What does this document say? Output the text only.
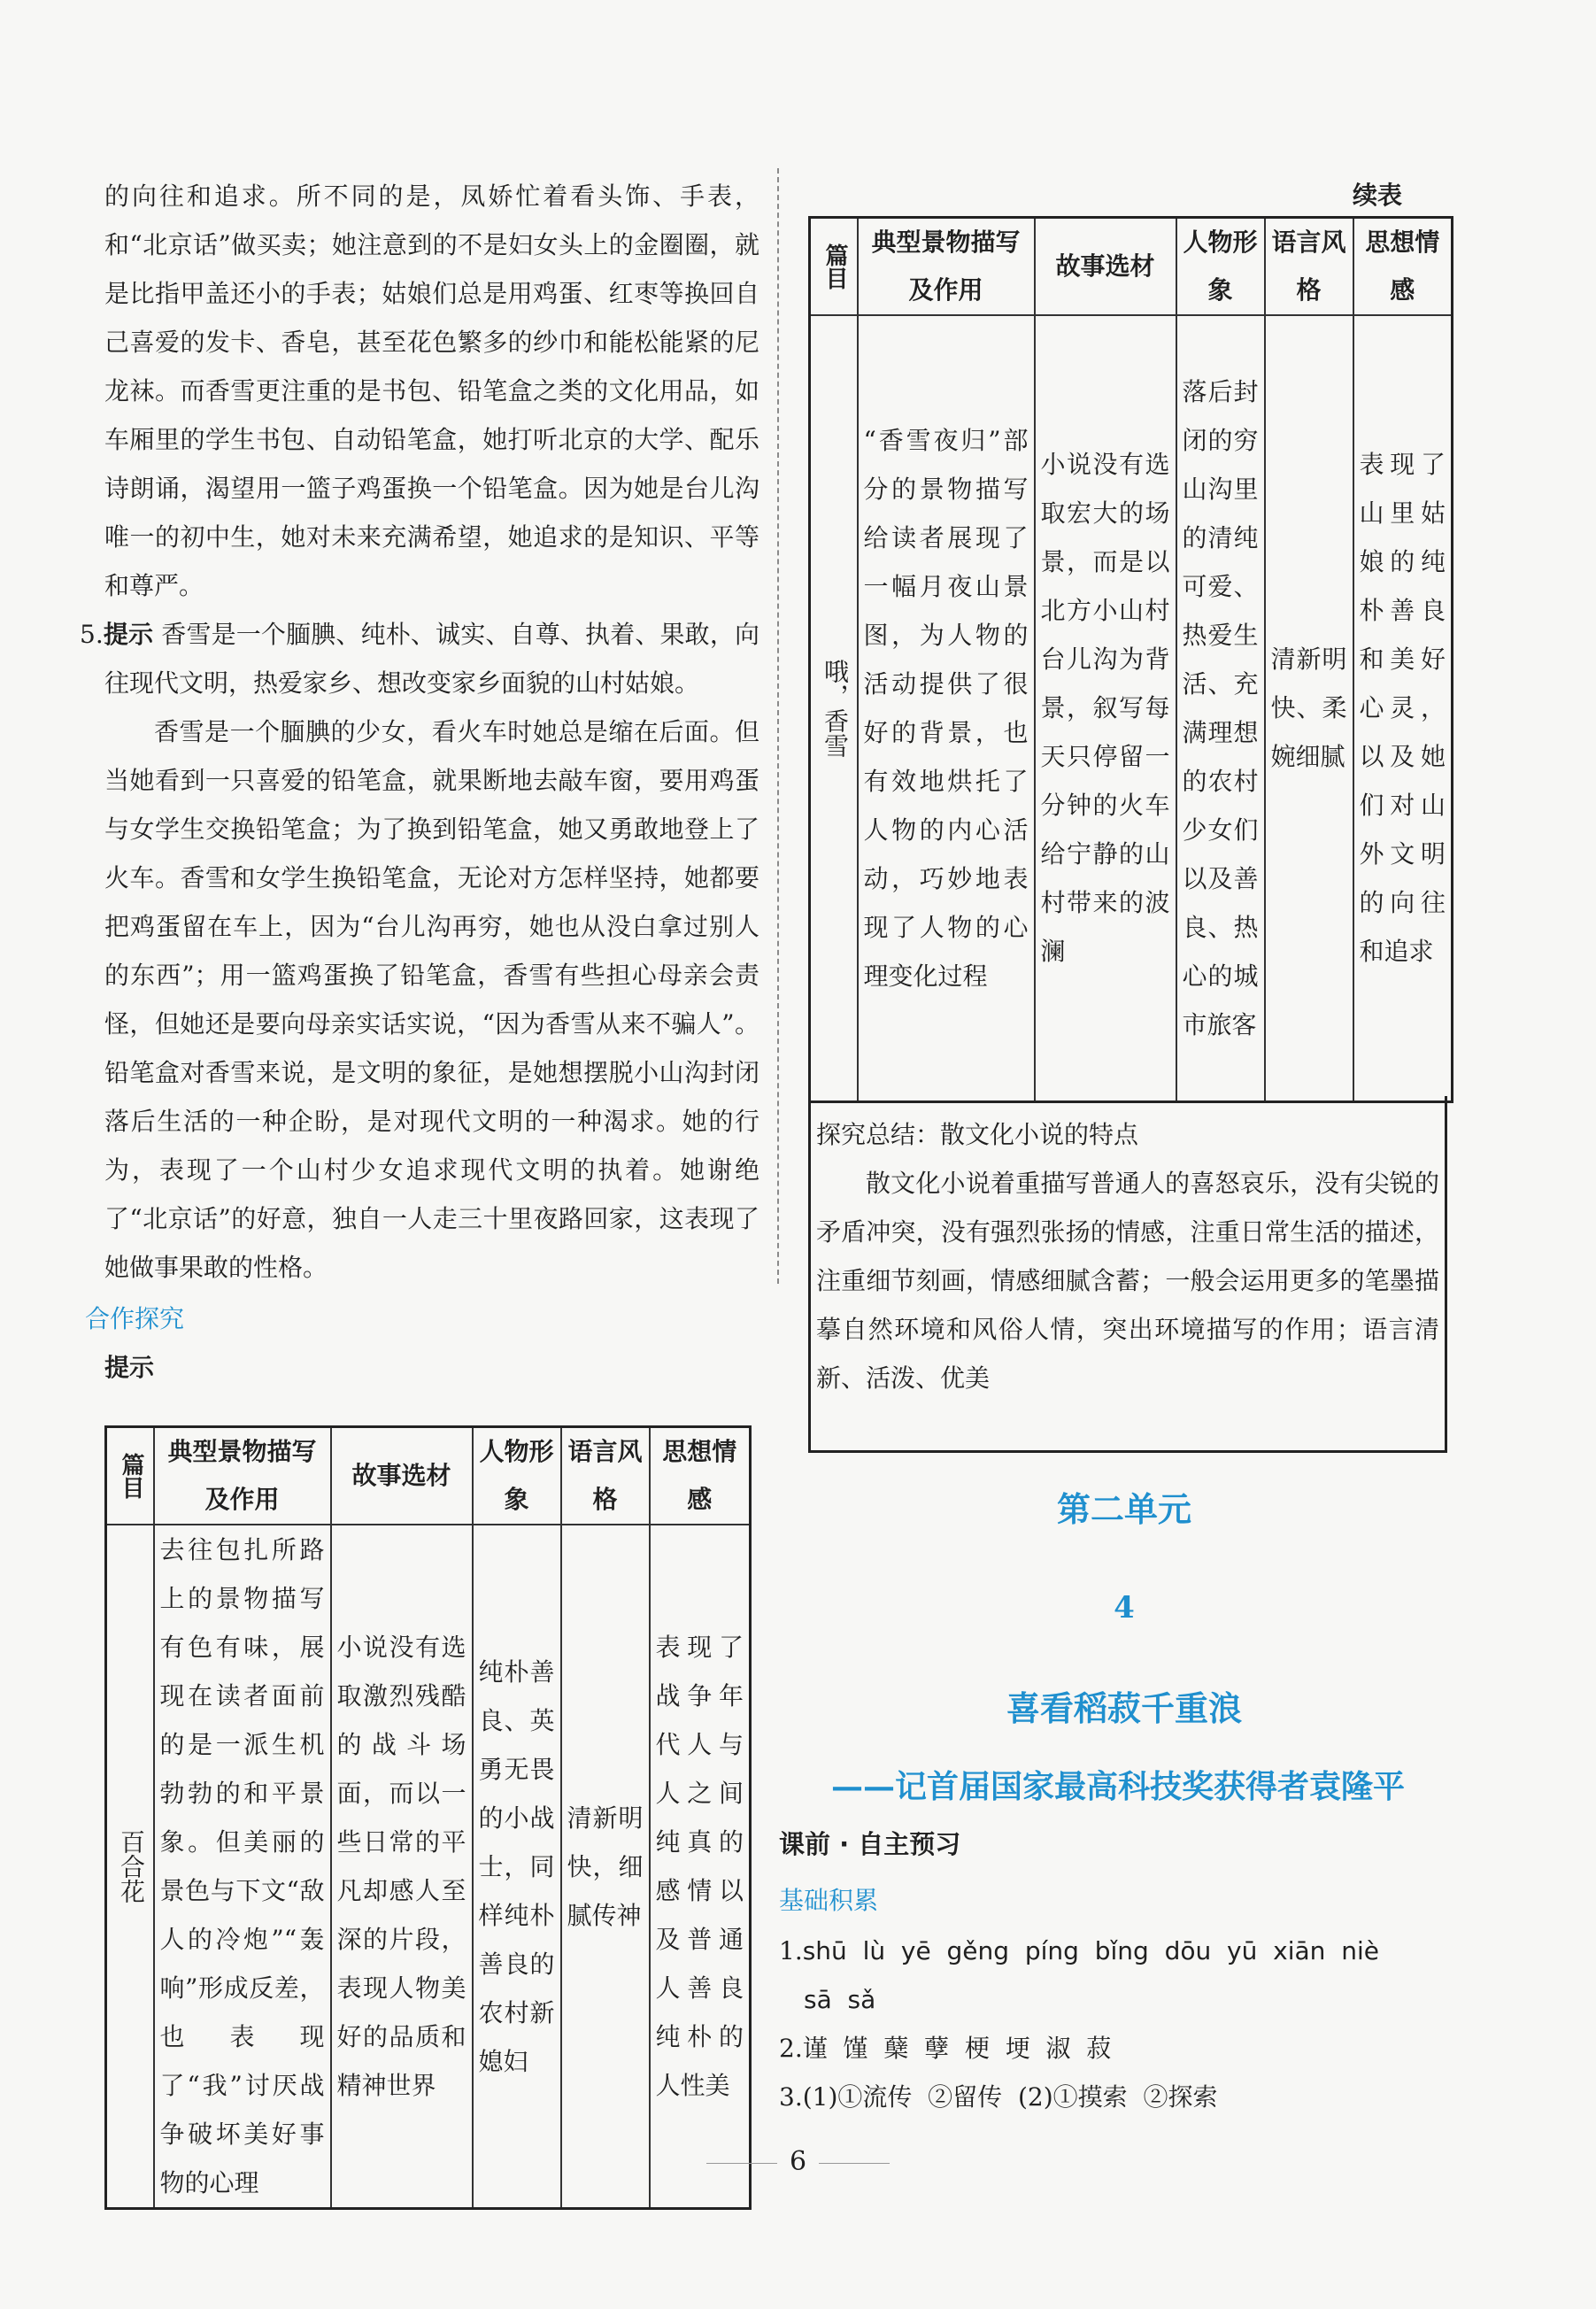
的向往和追求。所不同的是，凤娇忙着看头饰、手表，和“北京话”做买卖；她注意到的不是妇女头上的金圈圈，就是比指甲盖还小的手表；姑娘们总是用鸡蛋、红枣等换回自己喜爱的发卡、香皂，甚至花色繁多的纱巾和能松能紧的尼龙袜。而香雪更注重的是书包、铅笔盒之类的文化用品，如车厢里的学生书包、自动铅笔盒，她打听北京的大学、配乐诗朗诵，渴望用一篮子鸡蛋换一个铅笔盒。因为她是台儿沟唯一的初中生，她对未来充满希望，她追求的是知识、平等和尊严。

5.提示 香雪是一个腼腆、纯朴、诚实、自尊、执着、果敢，向往现代文明，热爱家乡、想改变家乡面貌的山村姑娘。

香雪是一个腼腆的少女，看火车时她总是缩在后面。但当她看到一只喜爱的铅笔盒，就果断地去敲车窗，要用鸡蛋与女学生交换铅笔盒；为了换到铅笔盒，她又勇敢地登上了火车。香雪和女学生换铅笔盒，无论对方怎样坚持，她都要把鸡蛋留在车上，因为“台儿沟再穷，她也从没白拿过别人的东西”；用一篮鸡蛋换了铅笔盒，香雪有些担心母亲会责怪，但她还是要向母亲实话实说，“因为香雪从来不骗人”。铅笔盒对香雪来说，是文明的象征，是她想摆脱小山沟封闭落后生活的一种企盼，是对现代文明的一种渴求。她的行为，表现了一个山村少女追求现代文明的执着。她谢绝了“北京话”的好意，独自一人走三十里夜路回家，这表现了她做事果敢的性格。

合作探究
提示
篇目	典型景物描写及作用	故事选材	人物形象	语言风格	思想情感

百合花	去往包扎所路上的景物描写有色有味，展现在读者面前的是一派生机勃勃的和平景象。但美丽的景色与下文“敌人的冷炮”“轰响”形成反差，也表现了“我”讨厌战争破坏美好事物的心理	小说没有选取激烈残酷的战斗场面，而以一些日常的平凡却感人至深的片段，表现人物美好的品质和精神世界	纯朴善良、英勇无畏的小战士，同样纯朴善良的农村新媳妇	清新明快，细腻传神	表现了战争年代人与人之间纯真的感情以及普通人善良纯朴的人性美
续表
篇目	典型景物描写及作用	故事选材	人物形象	语言风格	思想情感

哦，香雪	“香雪夜归”部分的景物描写给读者展现了一幅月夜山景图，为人物的活动提供了很好的背景，也有效地烘托了人物的内心活动，巧妙地表现了人物的心理变化过程	小说没有选取宏大的场景，而是以北方小山村台儿沟为背景，叙写每天只停留一分钟的火车给宁静的山村带来的波澜	落后封闭的穷山沟里的清纯可爱、热爱生活、充满理想的农村少女们以及善良、热心的城市旅客	清新明快、柔婉细腻	表现了山里姑娘的纯朴善良和美好心灵，以及她们对山外文明的向往和追求

探究总结：散文化小说的特点

散文化小说着重描写普通人的喜怒哀乐，没有尖锐的矛盾冲突，没有强烈张扬的情感，注重日常生活的描述，注重细节刻画，情感细腻含蓄；一般会运用更多的笔墨描摹自然环境和风俗人情，突出环境描写的作用；语言清新、活泼、优美

第二单元
4
喜看稻菽千重浪
——记首届国家最高科技奖获得者袁隆平
课前 · 自主预习
基础积累
1.shū  lù  yē  gěng  píng  bǐng  dōu  yū  xiān  niè
sā  sǎ
2.谨  馑  蘖  孽  梗  埂  淑  菽
3.(1)①流传  ②留传  (2)①摸索  ②探索
6
